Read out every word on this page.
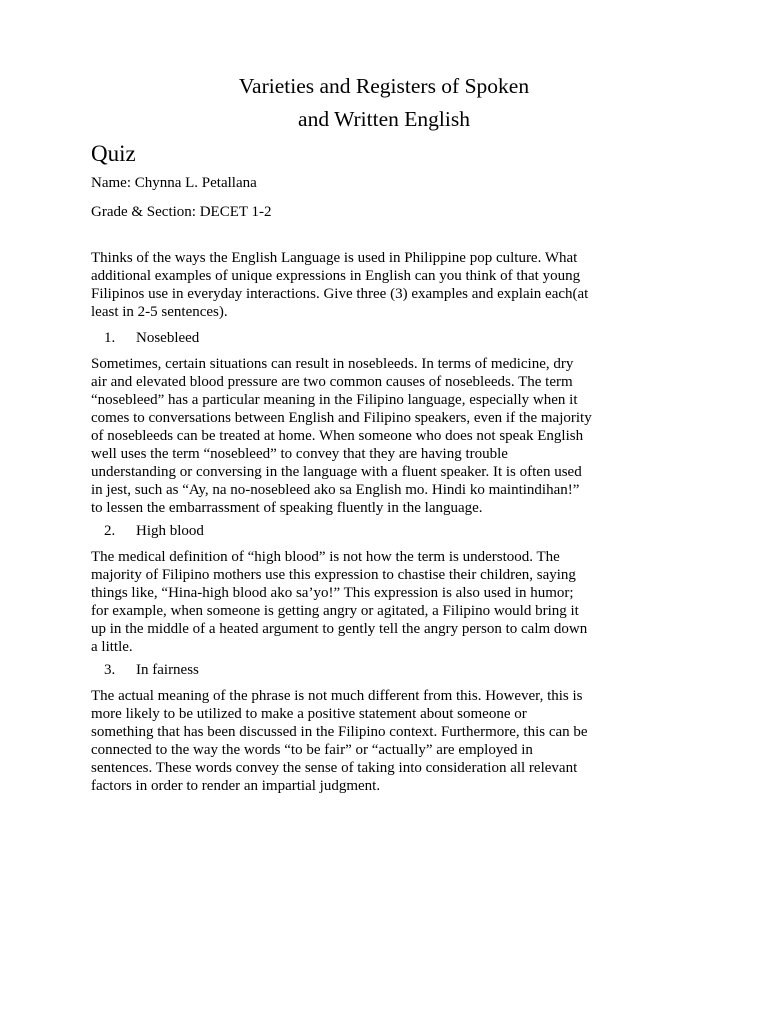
Varieties and Registers of Spoken
and Written English
Quiz
Name: Chynna L. Petallana
Grade & Section: DECET 1-2
Thinks of the ways the English Language is used in Philippine pop culture. What
additional examples of unique expressions in English can you think of that young
Filipinos use in everyday interactions. Give three (3) examples and explain each(at
least in 2-5 sentences).
1. Nosebleed
Sometimes, certain situations can result in nosebleeds. In terms of medicine, dry
air and elevated blood pressure are two common causes of nosebleeds. The term
“nosebleed” has a particular meaning in the Filipino language, especially when it
comes to conversations between English and Filipino speakers, even if the majority
of nosebleeds can be treated at home. When someone who does not speak English
well uses the term “nosebleed” to convey that they are having trouble
understanding or conversing in the language with a fluent speaker. It is often used
in jest, such as “Ay, na no-nosebleed ako sa English mo. Hindi ko maintindihan!”
to lessen the embarrassment of speaking fluently in the language.
2. High blood
The medical definition of “high blood” is not how the term is understood. The
majority of Filipino mothers use this expression to chastise their children, saying
things like, “Hina-high blood ako sa’yo!” This expression is also used in humor;
for example, when someone is getting angry or agitated, a Filipino would bring it
up in the middle of a heated argument to gently tell the angry person to calm down
a little.
3. In fairness
The actual meaning of the phrase is not much different from this. However, this is
more likely to be utilized to make a positive statement about someone or
something that has been discussed in the Filipino context. Furthermore, this can be
connected to the way the words “to be fair” or “actually” are employed in
sentences. These words convey the sense of taking into consideration all relevant
factors in order to render an impartial judgment.
